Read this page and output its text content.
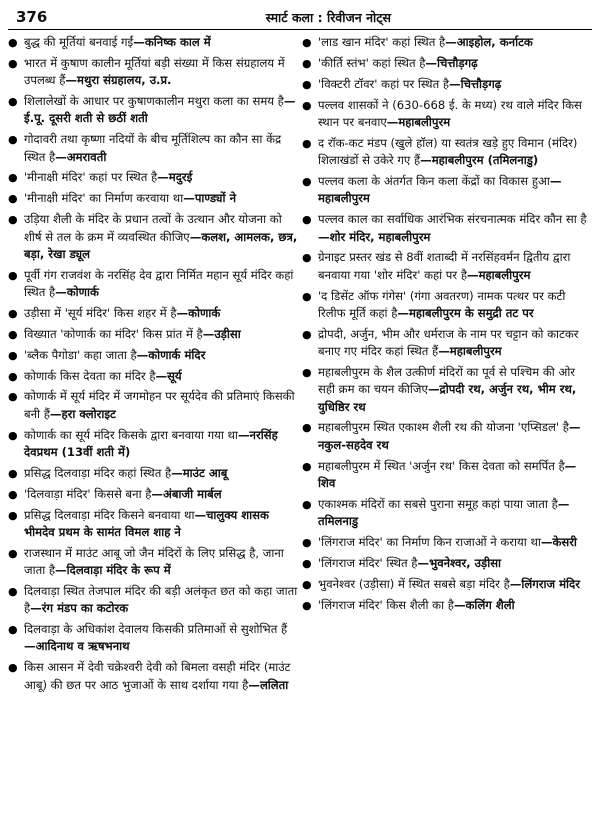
376	स्मार्ट कला : रिवीजन नोट्स
● बुद्ध की मूर्तियां बनवाई गईं—कनिष्क काल में
● भारत में कुषाण कालीन मूर्तियां बड़ी संख्या में किस संग्रहालय में उपलब्ध हैं—मथुरा संग्रहालय, उ.प्र.
● शिलालेखों के आधार पर कुषाणकालीन मथुरा कला का समय है—ई.पू. दूसरी शती से छठीं शती
● गोदावरी तथा कृष्णा नदियों के बीच मूर्तिशिल्प का कौन सा केंद्र स्थित है—अमरावती
● 'मीनाक्षी मंदिर' कहां पर स्थित है—मदुरई
● 'मीनाक्षी मंदिर' का निर्माण करवाया था—पाण्ड्यों ने
● उड़िया शैली के मंदिर के प्रधान तत्वों के उत्थान और योजना को शीर्ष से तल के क्रम में व्यवस्थित कीजिए—कलश, आमलक, छत्र, बड़ा, रेखा ड्यूल
● पूर्वी गंग राजवंश के नरसिंह देव द्वारा निर्मित महान सूर्य मंदिर कहां स्थित है—कोणार्क
● उड़ीसा में 'सूर्य मंदिर' किस शहर में है—कोणार्क
● विख्यात 'कोणार्क का मंदिर' किस प्रांत में है—उड़ीसा
● 'ब्लैक पैगोडा' कहा जाता है—कोणार्क मंदिर
● कोणार्क किस देवता का मंदिर है—सूर्य
● कोणार्क में सूर्य मंदिर में जगमोहन पर सूर्यदेव की प्रतिमाएं किसकी बनी हैं—हरा क्लोराइट
● कोणार्क का सूर्य मंदिर किसके द्वारा बनवाया गया था—नरसिंह देवप्रथम (13वीं शती में)
● प्रसिद्ध दिलवाड़ा मंदिर कहां स्थित है—माउंट आबू
● 'दिलवाड़ा मंदिर' किससे बना है—अंबाजी मार्बल
● प्रसिद्ध दिलवाड़ा मंदिर किसने बनवाया था—चालुक्य शासक भीमदेव प्रथम के सामंत विमल शाह ने
● राजस्थान में माउंट आबू जो जैन मंदिरों के लिए प्रसिद्ध है, जाना जाता है—दिलवाड़ा मंदिर के रूप में
● दिलवाड़ा स्थित तेजपाल मंदिर की बड़ी अलंकृत छत को कहा जाता है—रंग मंडप का कटोरक
● दिलवाड़ा के अधिकांश देवालय किसकी प्रतिमाओं से सुशोभित हैं—आदिनाथ व ऋषभनाथ
● किस आसन में देवी चक्रेश्वरी देवी को बिमला वसही मंदिर (माउंट आबू) की छत पर आठ भुजाओं के साथ दर्शाया गया है—ललिता
● 'लाड खान मंदिर' कहां स्थित है—आइहोल, कर्नाटक
● 'कीर्ति स्तंभ' कहां स्थित है—चित्तौड़गढ़
● 'विक्टरी टॉवर' कहां पर स्थित है—चित्तौड़गढ़
● पल्लव शासकों ने (630-668 ई. के मध्य) रथ वाले मंदिर किस स्थान पर बनवाए—महाबलीपुरम
● द रॉक-कट मंडप (खुले हॉल) या स्वतंत्र खड़े हुए विमान (मंदिर) शिलाखंडों से उकेरे गए हैं—महाबलीपुरम (तमिलनाडु)
● पल्लव कला के अंतर्गत किन कला केंद्रों का विकास हुआ—महाबलीपुरम
● पल्लव काल का सर्वाधिक आरंभिक संरचनात्मक मंदिर कौन सा है—शोर मंदिर, महाबलीपुरम
● ग्रेनाइट प्रस्तर खंड से 8वीं शताब्दी में नरसिंहवर्मन द्वितीय द्वारा बनवाया गया 'शोर मंदिर' कहां पर है—महाबलीपुरम
● 'द डिसेंट ऑफ गंगेस' (गंगा अवतरण) नामक पत्थर पर कटी रिलीफ मूर्ति कहां है—महाबलीपुरम के समुद्री तट पर
● द्रोपदी, अर्जुन, भीम और धर्मराज के नाम पर चट्टान को काटकर बनाए गए मंदिर कहां स्थित हैं—महाबलीपुरम
● महाबलीपुरम के शैल उत्कीर्ण मंदिरों का पूर्व से पश्चिम की ओर सही क्रम का चयन कीजिए—द्रोपदी रथ, अर्जुन रथ, भीम रथ, युधिष्ठिर रथ
● महाबलीपुरम स्थित एकाश्म शैली रथ की योजना 'एप्सिडल' है—नकुल-सहदेव रथ
● महाबलीपुरम में स्थित 'अर्जुन रथ' किस देवता को समर्पित है—शिव
● एकाश्मक मंदिरों का सबसे पुराना समूह कहां पाया जाता है—तमिलनाडु
● 'लिंगराज मंदिर' का निर्माण किन राजाओं ने कराया था—केसरी
● 'लिंगराज मंदिर' स्थित है—भुवनेश्वर, उड़ीसा
● भुवनेश्वर (उड़ीसा) में स्थित सबसे बड़ा मंदिर है—लिंगराज मंदिर
● 'लिंगराज मंदिर' किस शैली का है—कलिंग शैली
